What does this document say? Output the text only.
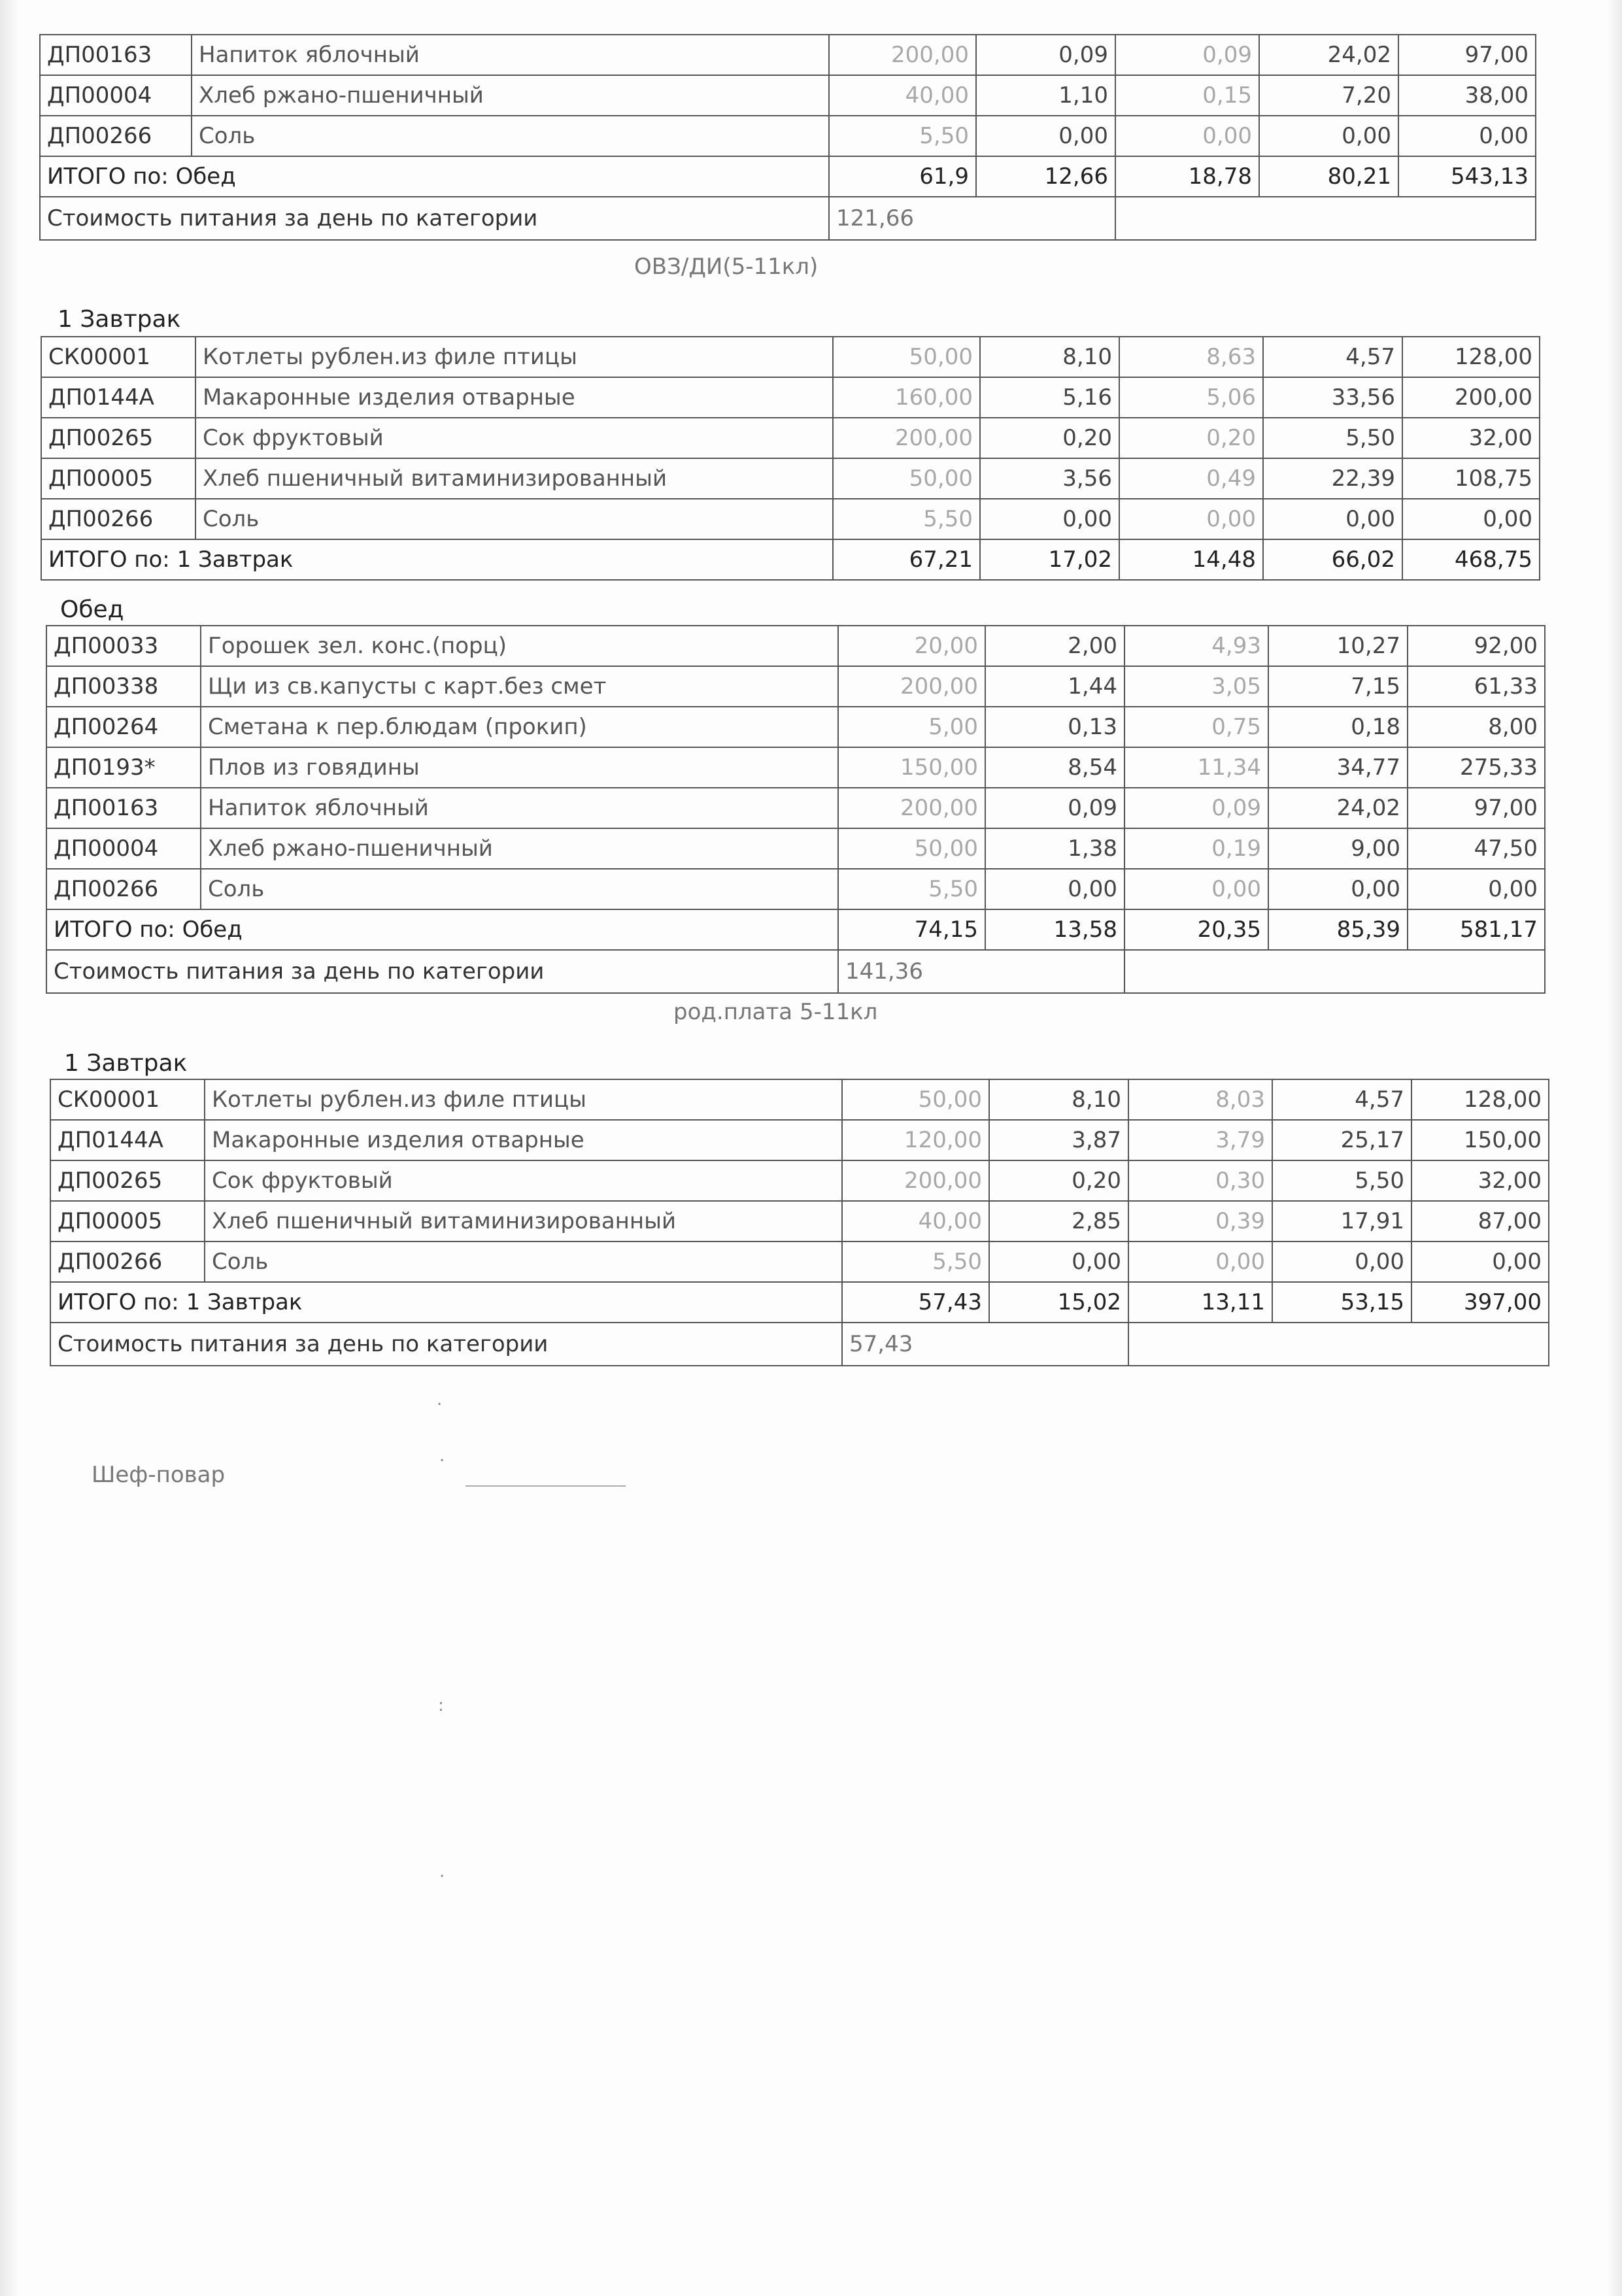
ДП00163	Напиток яблочный	200,00	0,09	0,09	24,02	97,00
ДП00004	Хлеб ржано-пшеничный	40,00	1,10	0,15	7,20	38,00
ДП00266	Соль	5,50	0,00	0,00	0,00	0,00
ИТОГО по: Обед		61,9	12,66	18,78	80,21	543,13
Стоимость питания за день по категории		121,66				
ОВЗ/ДИ(5-11кл)
1 Завтрак
СК00001	Котлеты рублен.из филе птицы	50,00	8,10	8,63	4,57	128,00
ДП0144А	Макаронные изделия отварные	160,00	5,16	5,06	33,56	200,00
ДП00265	Сок фруктовый	200,00	0,20	0,20	5,50	32,00
ДП00005	Хлеб пшеничный витаминизированный	50,00	3,56	0,49	22,39	108,75
ДП00266	Соль	5,50	0,00	0,00	0,00	0,00
ИТОГО по: 1 Завтрак		67,21	17,02	14,48	66,02	468,75
Обед
ДП00033	Горошек зел. конс.(порц)	20,00	2,00	4,93	10,27	92,00
ДП00338	Щи из св.капусты с карт.без смет	200,00	1,44	3,05	7,15	61,33
ДП00264	Сметана к пер.блюдам (прокип)	5,00	0,13	0,75	0,18	8,00
ДП0193*	Плов из говядины	150,00	8,54	11,34	34,77	275,33
ДП00163	Напиток яблочный	200,00	0,09	0,09	24,02	97,00
ДП00004	Хлеб ржано-пшеничный	50,00	1,38	0,19	9,00	47,50
ДП00266	Соль	5,50	0,00	0,00	0,00	0,00
ИТОГО по: Обед		74,15	13,58	20,35	85,39	581,17
Стоимость питания за день по категории		141,36				
род.плата 5-11кл
1 Завтрак
СК00001	Котлеты рублен.из филе птицы	50,00	8,10	8,03	4,57	128,00
ДП0144А	Макаронные изделия отварные	120,00	3,87	3,79	25,17	150,00
ДП00265	Сок фруктовый	200,00	0,20	0,30	5,50	32,00
ДП00005	Хлеб пшеничный витаминизированный	40,00	2,85	0,39	17,91	87,00
ДП00266	Соль	5,50	0,00	0,00	0,00	0,00
ИТОГО по: 1 Завтрак		57,43	15,02	13,11	53,15	397,00
Стоимость питания за день по категории		57,43				
Шеф-повар
.
.
:
.
